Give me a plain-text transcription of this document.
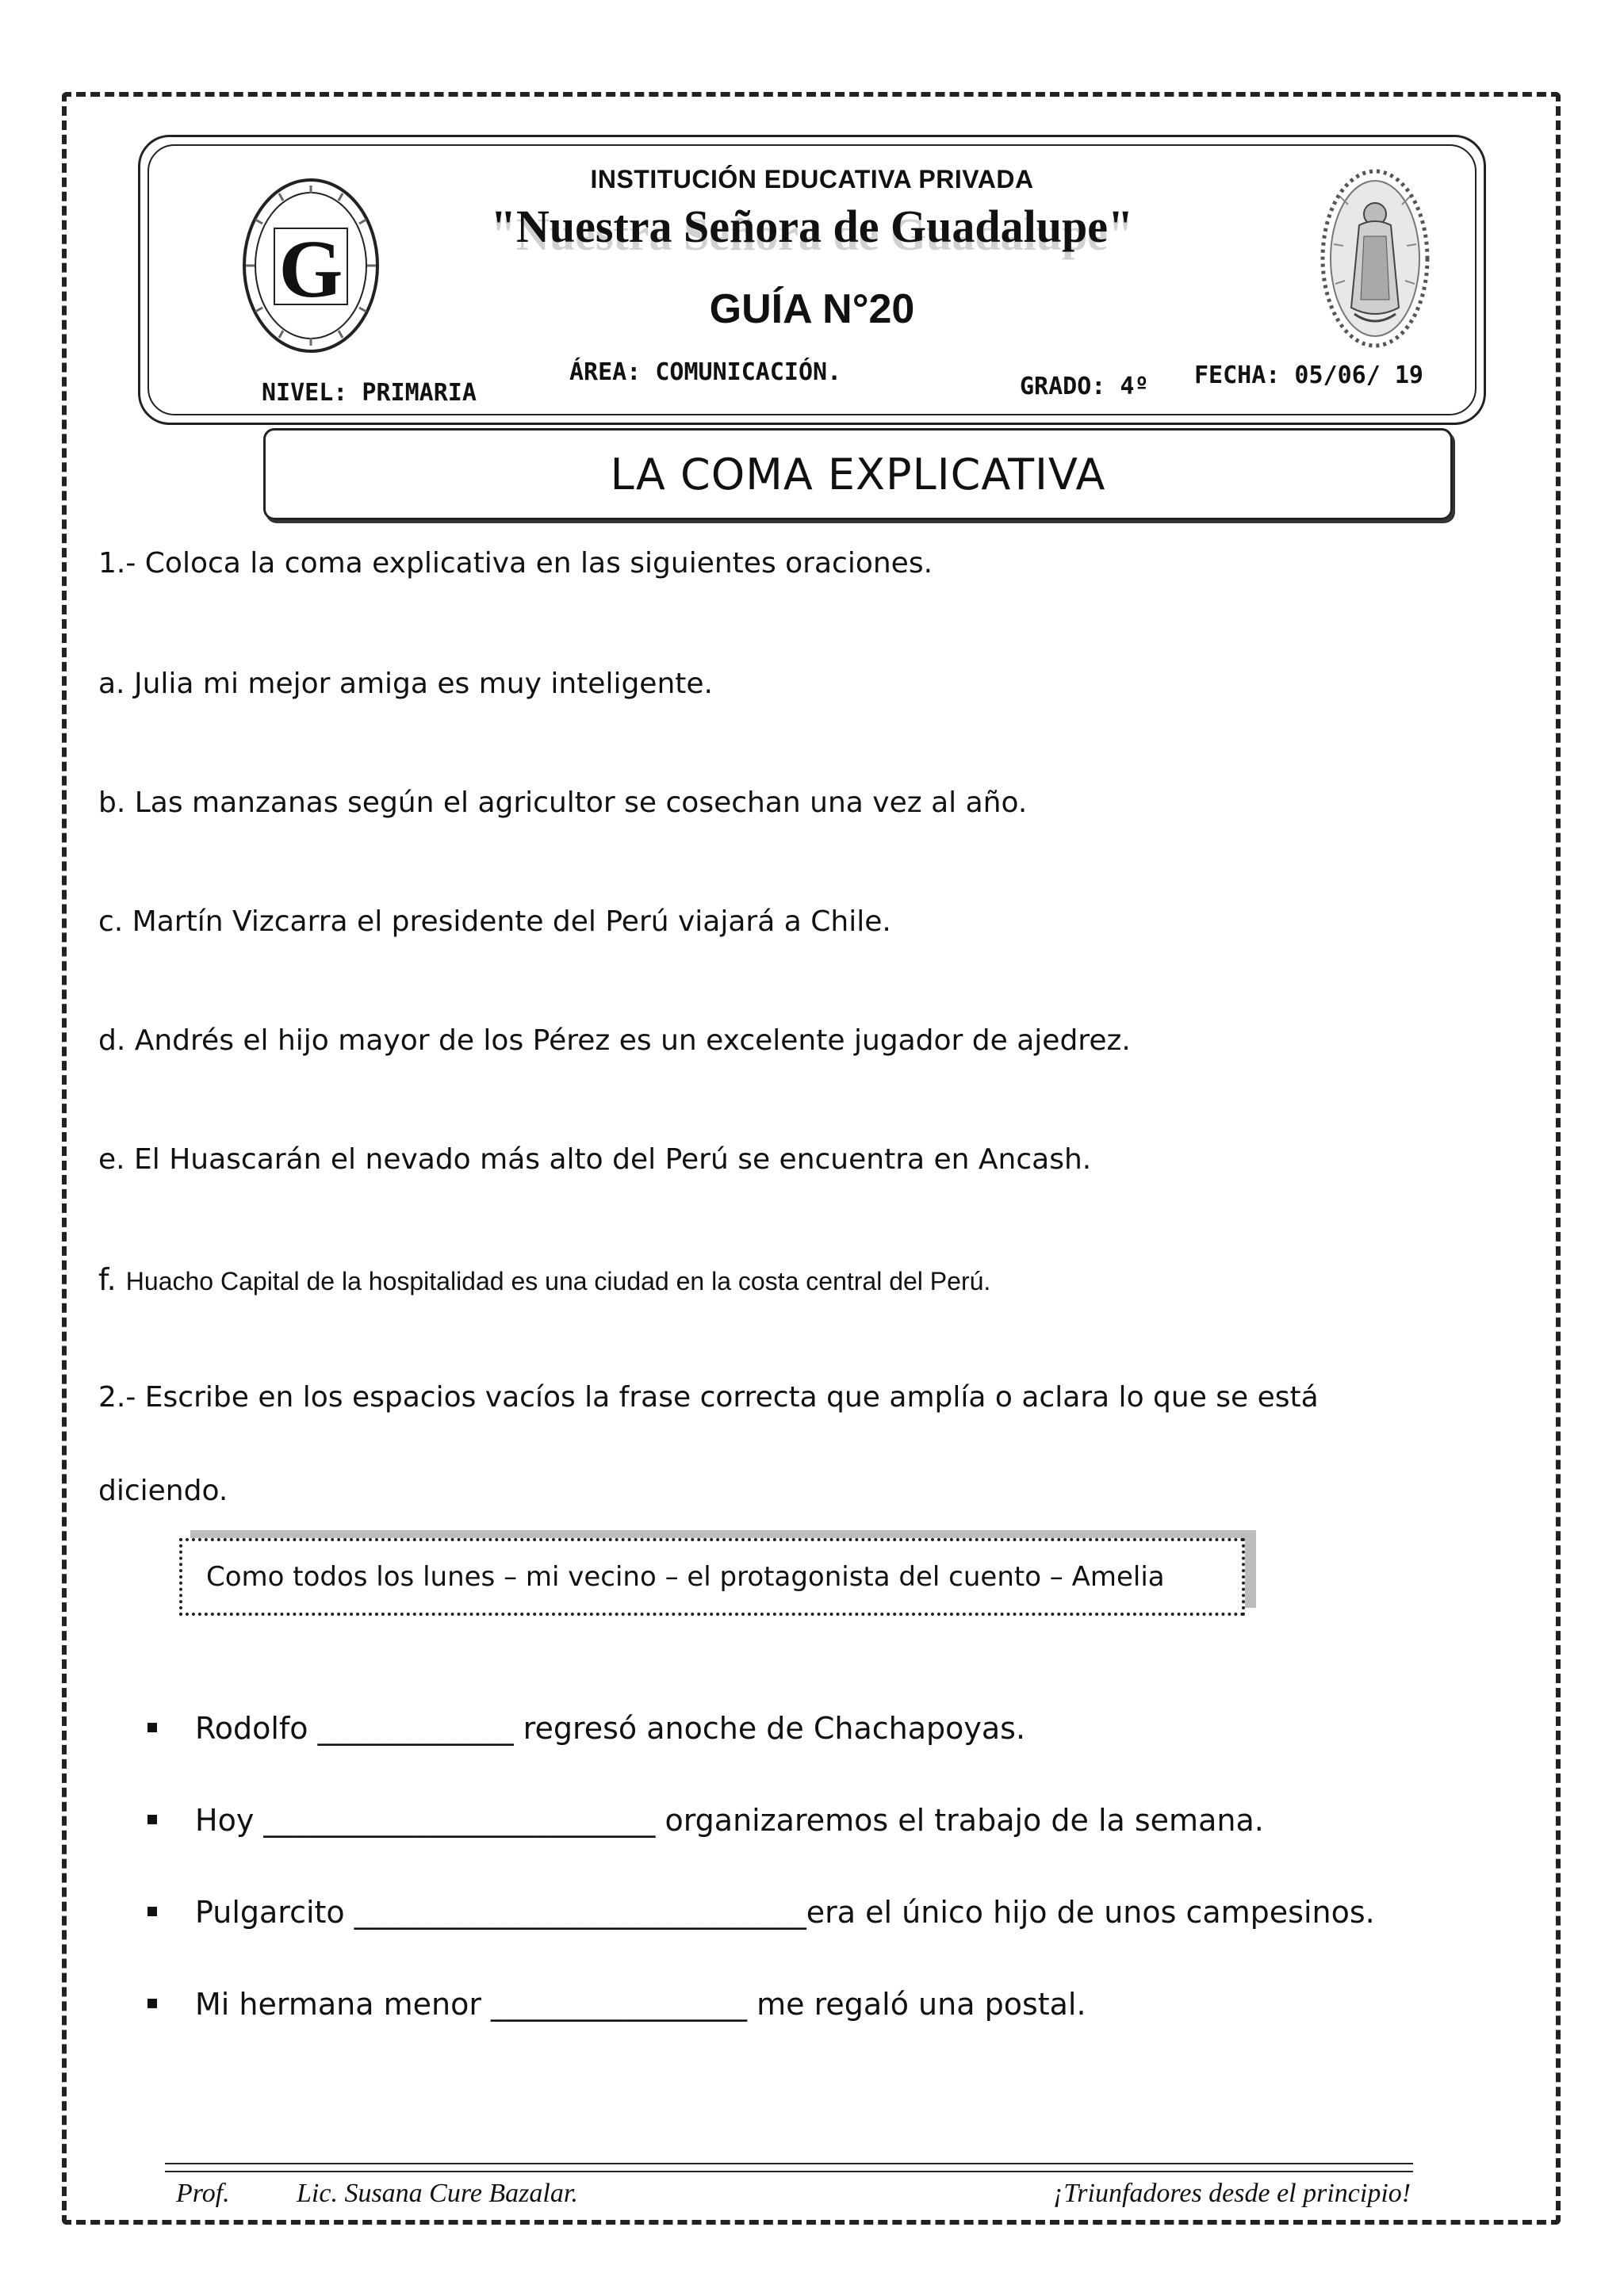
G
INSTITUCIÓN EDUCATIVA PRIVADA
"Nuestra Señora de Guadalupe"
GUÍA N°20
NIVEL: PRIMARIA
ÁREA: COMUNICACIÓN.
GRADO: 4º FECHA: 05/06/ 19
LA COMA EXPLICATIVA
1.- Coloca la coma explicativa en las siguientes oraciones.
a. Julia mi mejor amiga es muy inteligente.
b. Las manzanas según el agricultor se cosechan una vez al año.
c. Martín Vizcarra el presidente del Perú viajará a Chile.
d. Andrés el hijo mayor de los Pérez es un excelente jugador de ajedrez.
e. El Huascarán el nevado más alto del Perú se encuentra en Ancash.
f. Huacho Capital de la hospitalidad es una ciudad en la costa central del Perú.
2.- Escribe en los espacios vacíos la frase correcta que amplía o aclara lo que se está
diciendo.
Como todos los lunes – mi vecino – el protagonista del cuento – Amelia
Rodolfo _____________ regresó anoche de Chachapoyas.
Hoy __________________________ organizaremos el trabajo de la semana.
Pulgarcito ______________________________era el único hijo de unos campesinos.
Mi hermana menor _________________ me regaló una postal.
Prof. Lic. Susana Cure Bazalar.	¡Triunfadores desde el principio!
